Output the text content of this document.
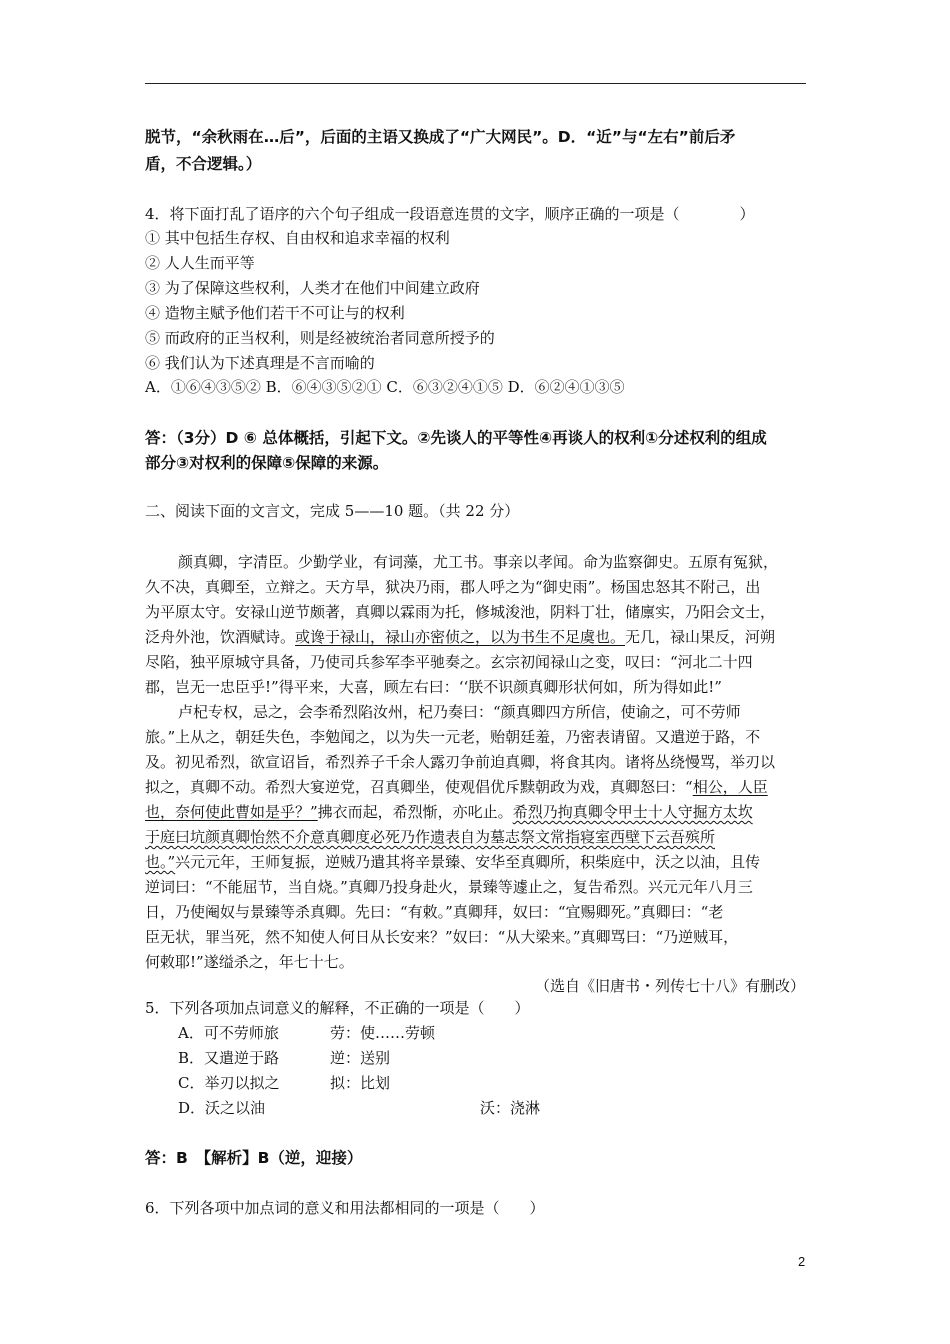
脱节，“余秋雨在…后”，后面的主语又换成了“广大网民”。D．“近”与“左右”前后矛
盾，不合逻辑。）
4．将下面打乱了语序的六个句子组成一段语意连贯的文字，顺序正确的一项是（　　　　）
① 其中包括生存权、自由权和追求幸福的权利
② 人人生而平等
③ 为了保障这些权利，人类才在他们中间建立政府
④ 造物主赋予他们若干不可让与的权利
⑤ 而政府的正当权利，则是经被统治者同意所授予的
⑥ 我们认为下述真理是不言而喻的
A．①⑥④③⑤② B．⑥④③⑤②① C．⑥③②④①⑤ D．⑥②④①③⑤
答：（3分）D ⑥ 总体概括，引起下文。②先谈人的平等性④再谈人的权利①分述权利的组成
部分③对权利的保障⑤保障的来源。
二、阅读下面的文言文，完成 5——10 题。（共 22 分）
颜真卿，字清臣。少勤学业，有词藻，尤工书。事亲以孝闻。命为监察御史。五原有冤狱，
久不决，真卿至，立辩之。天方旱，狱决乃雨，郡人呼之为“御史雨”。杨国忠怒其不附己，出
为平原太守。安禄山逆节颇著，真卿以霖雨为托，修城浚池，阴料丁壮，储廪实，乃阳会文士，
泛舟外池，饮酒赋诗。或谗于禄山，禄山亦密侦之，以为书生不足虞也。无几，禄山果反，河朔
尽陷，独平原城守具备，乃使司兵参军李平驰奏之。玄宗初闻禄山之变，叹曰：“河北二十四
郡，岂无一忠臣乎!”得平来，大喜，顾左右曰：‘‘朕不识颜真卿形状何如，所为得如此!”
卢杞专权，忌之，会李希烈陷汝州，杞乃奏曰：“颜真卿四方所信，使谕之，可不劳师
旅。”上从之，朝廷失色，李勉闻之，以为失一元老，贻朝廷羞，乃密表请留。又遣逆于路，不
及。初见希烈，欲宣诏旨，希烈养子千余人露刃争前迫真卿，将食其肉。诸将丛绕慢骂，举刃以
拟之，真卿不动。希烈大宴逆党，召真卿坐，使观倡优斥黩朝政为戏，真卿怒曰：“相公，人臣
也，奈何使此曹如是乎？”拂衣而起，希烈惭，亦叱止。希烈乃拘真卿令甲士十人守掘方太坎
于庭曰坑颜真卿怡然不介意真卿度必死乃作遗表自为墓志祭文常指寝室西壁下云吾殡所
也。”兴元元年，王师复振，逆贼乃遣其将辛景臻、安华至真卿所，积柴庭中，沃之以油，且传
逆词曰：“不能屈节，当自烧。”真卿乃投身赴火，景臻等遽止之，复告希烈。兴元元年八月三
日，乃使阉奴与景臻等杀真卿。先曰：“有敕。”真卿拜，奴曰：“宜赐卿死。”真卿曰：“老
臣无状，罪当死，然不知使人何日从长安来？”奴曰：“从大梁来。”真卿骂曰：“乃逆贼耳，
何敕耶!”遂缢杀之，年七十七。
（选自《旧唐书・列传七十八》有删改）
5．下列各项加点词意义的解释，不正确的一项是（　　）
A．可不劳师旅	劳：使……劳顿
B．又遣逆于路	逆：送别
C．举刃以拟之	拟：比划
D．沃之以油	沃：浇淋
答：B　【解析】B（逆，迎接）
6．下列各项中加点词的意义和用法都相同的一项是（　　）
2
